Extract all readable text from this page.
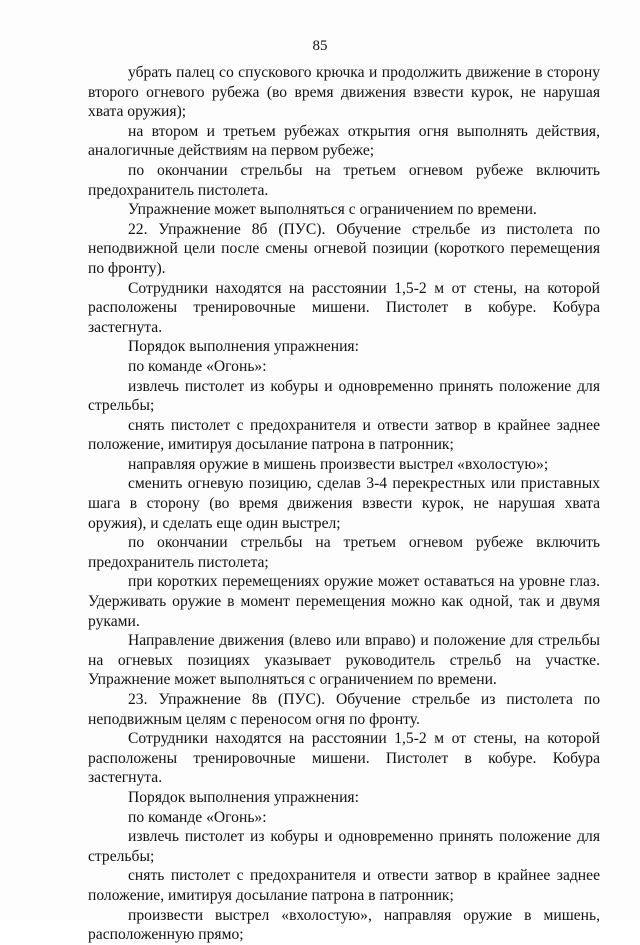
85

убрать палец со спускового крючка и продолжить движение в сторону второго огневого рубежа (во время движения взвести курок, не нарушая хвата оружия);

на втором и третьем рубежах открытия огня выполнять действия, аналогичные действиям на первом рубеже;

по окончании стрельбы на третьем огневом рубеже включить предохранитель пистолета.

Упражнение может выполняться с ограничением по времени.

22. Упражнение 8б (ПУС). Обучение стрельбе из пистолета по неподвижной цели после смены огневой позиции (короткого перемещения по фронту).

Сотрудники находятся на расстоянии 1,5-2 м от стены, на которой расположены тренировочные мишени. Пистолет в кобуре. Кобура застегнута.

Порядок выполнения упражнения:

по команде «Огонь»:

извлечь пистолет из кобуры и одновременно принять положение для стрельбы;

снять пистолет с предохранителя и отвести затвор в крайнее заднее положение, имитируя досылание патрона в патронник;

направляя оружие в мишень произвести выстрел «вхолостую»;

сменить огневую позицию, сделав 3-4 перекрестных или приставных шага в сторону (во время движения взвести курок, не нарушая хвата оружия), и сделать еще один выстрел;

по окончании стрельбы на третьем огневом рубеже включить предохранитель пистолета;

при коротких перемещениях оружие может оставаться на уровне глаз. Удерживать оружие в момент перемещения можно как одной, так и двумя руками.

Направление движения (влево или вправо) и положение для стрельбы на огневых позициях указывает руководитель стрельб на участке. Упражнение может выполняться с ограничением по времени.

23. Упражнение 8в (ПУС). Обучение стрельбе из пистолета по неподвижным целям с переносом огня по фронту.

Сотрудники находятся на расстоянии 1,5-2 м от стены, на которой расположены тренировочные мишени. Пистолет в кобуре. Кобура застегнута.

Порядок выполнения упражнения:

по команде «Огонь»:

извлечь пистолет из кобуры и одновременно принять положение для стрельбы;

снять пистолет с предохранителя и отвести затвор в крайнее заднее положение, имитируя досылание патрона в патронник;

произвести выстрел «вхолостую», направляя оружие в мишень, расположенную прямо;
